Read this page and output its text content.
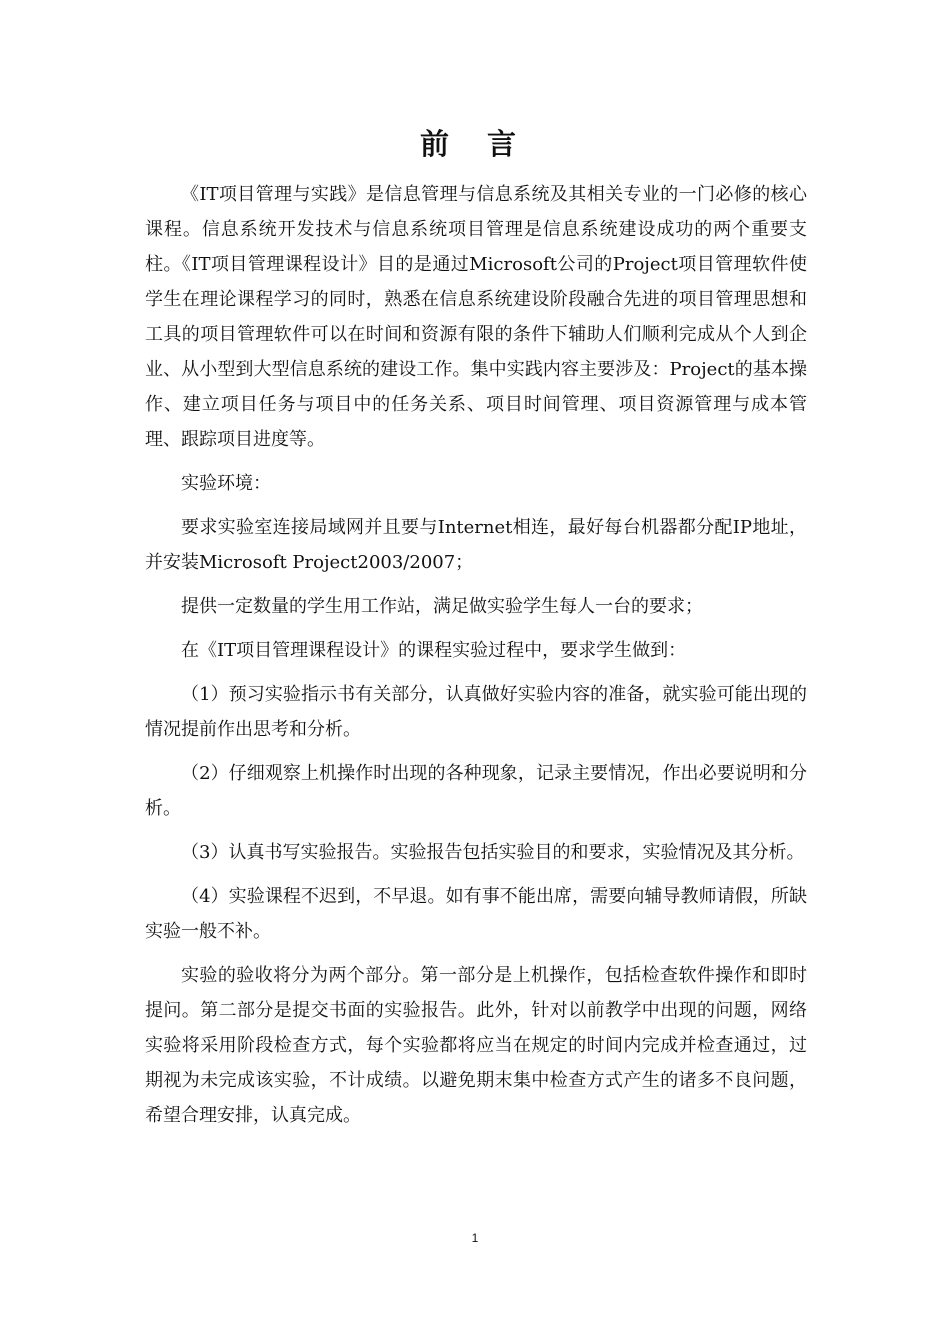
前 言

《IT项目管理与实践》是信息管理与信息系统及其相关专业的一门必修的核心课程。信息系统开发技术与信息系统项目管理是信息系统建设成功的两个重要支柱。《IT项目管理课程设计》目的是通过Microsoft公司的Project项目管理软件使学生在理论课程学习的同时，熟悉在信息系统建设阶段融合先进的项目管理思想和工具的项目管理软件可以在时间和资源有限的条件下辅助人们顺利完成从个人到企业、从小型到大型信息系统的建设工作。集中实践内容主要涉及：Project的基本操作、建立项目任务与项目中的任务关系、项目时间管理、项目资源管理与成本管理、跟踪项目进度等。

实验环境：

要求实验室连接局域网并且要与Internet相连，最好每台机器都分配IP地址，并安装Microsoft Project2003/2007；

提供一定数量的学生用工作站，满足做实验学生每人一台的要求；

在《IT项目管理课程设计》的课程实验过程中，要求学生做到：

（1）预习实验指示书有关部分，认真做好实验内容的准备，就实验可能出现的情况提前作出思考和分析。

（2）仔细观察上机操作时出现的各种现象，记录主要情况，作出必要说明和分析。

（3）认真书写实验报告。实验报告包括实验目的和要求，实验情况及其分析。

（4）实验课程不迟到，不早退。如有事不能出席，需要向辅导教师请假，所缺实验一般不补。

实验的验收将分为两个部分。第一部分是上机操作，包括检查软件操作和即时提问。第二部分是提交书面的实验报告。此外，针对以前教学中出现的问题，网络实验将采用阶段检查方式，每个实验都将应当在规定的时间内完成并检查通过，过期视为未完成该实验，不计成绩。以避免期末集中检查方式产生的诸多不良问题，希望合理安排，认真完成。

1
